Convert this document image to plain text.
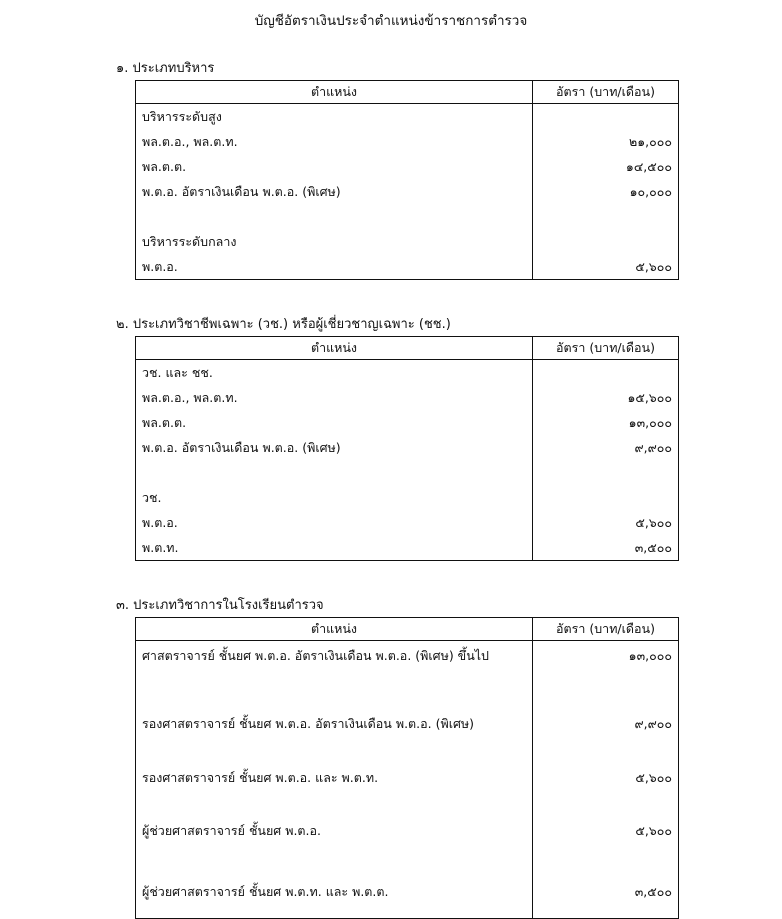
บัญชีอัตราเงินประจำตำแหน่งข้าราชการตำรวจ
๑. ประเภทบริหาร
ตำแหน่ง	อัตรา (บาท/เดือน)
บริหารระดับสูง	
พล.ต.อ., พล.ต.ท.	๒๑,๐๐๐
พล.ต.ต.	๑๔,๕๐๐
พ.ต.อ. อัตราเงินเดือน พ.ต.อ. (พิเศษ)	๑๐,๐๐๐

บริหารระดับกลาง	
พ.ต.อ.	๕,๖๐๐
๒. ประเภทวิชาชีพเฉพาะ (วช.) หรือผู้เชี่ยวชาญเฉพาะ (ชช.)
ตำแหน่ง	อัตรา (บาท/เดือน)
วช. และ ชช.	
พล.ต.อ., พล.ต.ท.	๑๕,๖๐๐
พล.ต.ต.	๑๓,๐๐๐
พ.ต.อ. อัตราเงินเดือน พ.ต.อ. (พิเศษ)	๙,๙๐๐

วช.	
พ.ต.อ.	๕,๖๐๐
พ.ต.ท.	๓,๕๐๐
๓. ประเภทวิชาการในโรงเรียนตำรวจ
ตำแหน่ง	อัตรา (บาท/เดือน)
ศาสตราจารย์ ชั้นยศ พ.ต.อ. อัตราเงินเดือน พ.ต.อ. (พิเศษ) ขึ้นไป	๑๓,๐๐๐
รองศาสตราจารย์ ชั้นยศ พ.ต.อ. อัตราเงินเดือน พ.ต.อ. (พิเศษ)	๙,๙๐๐
รองศาสตราจารย์ ชั้นยศ พ.ต.อ. และ พ.ต.ท.	๕,๖๐๐
ผู้ช่วยศาสตราจารย์ ชั้นยศ พ.ต.อ.	๕,๖๐๐
ผู้ช่วยศาสตราจารย์ ชั้นยศ พ.ต.ท. และ พ.ต.ต.	๓,๕๐๐
